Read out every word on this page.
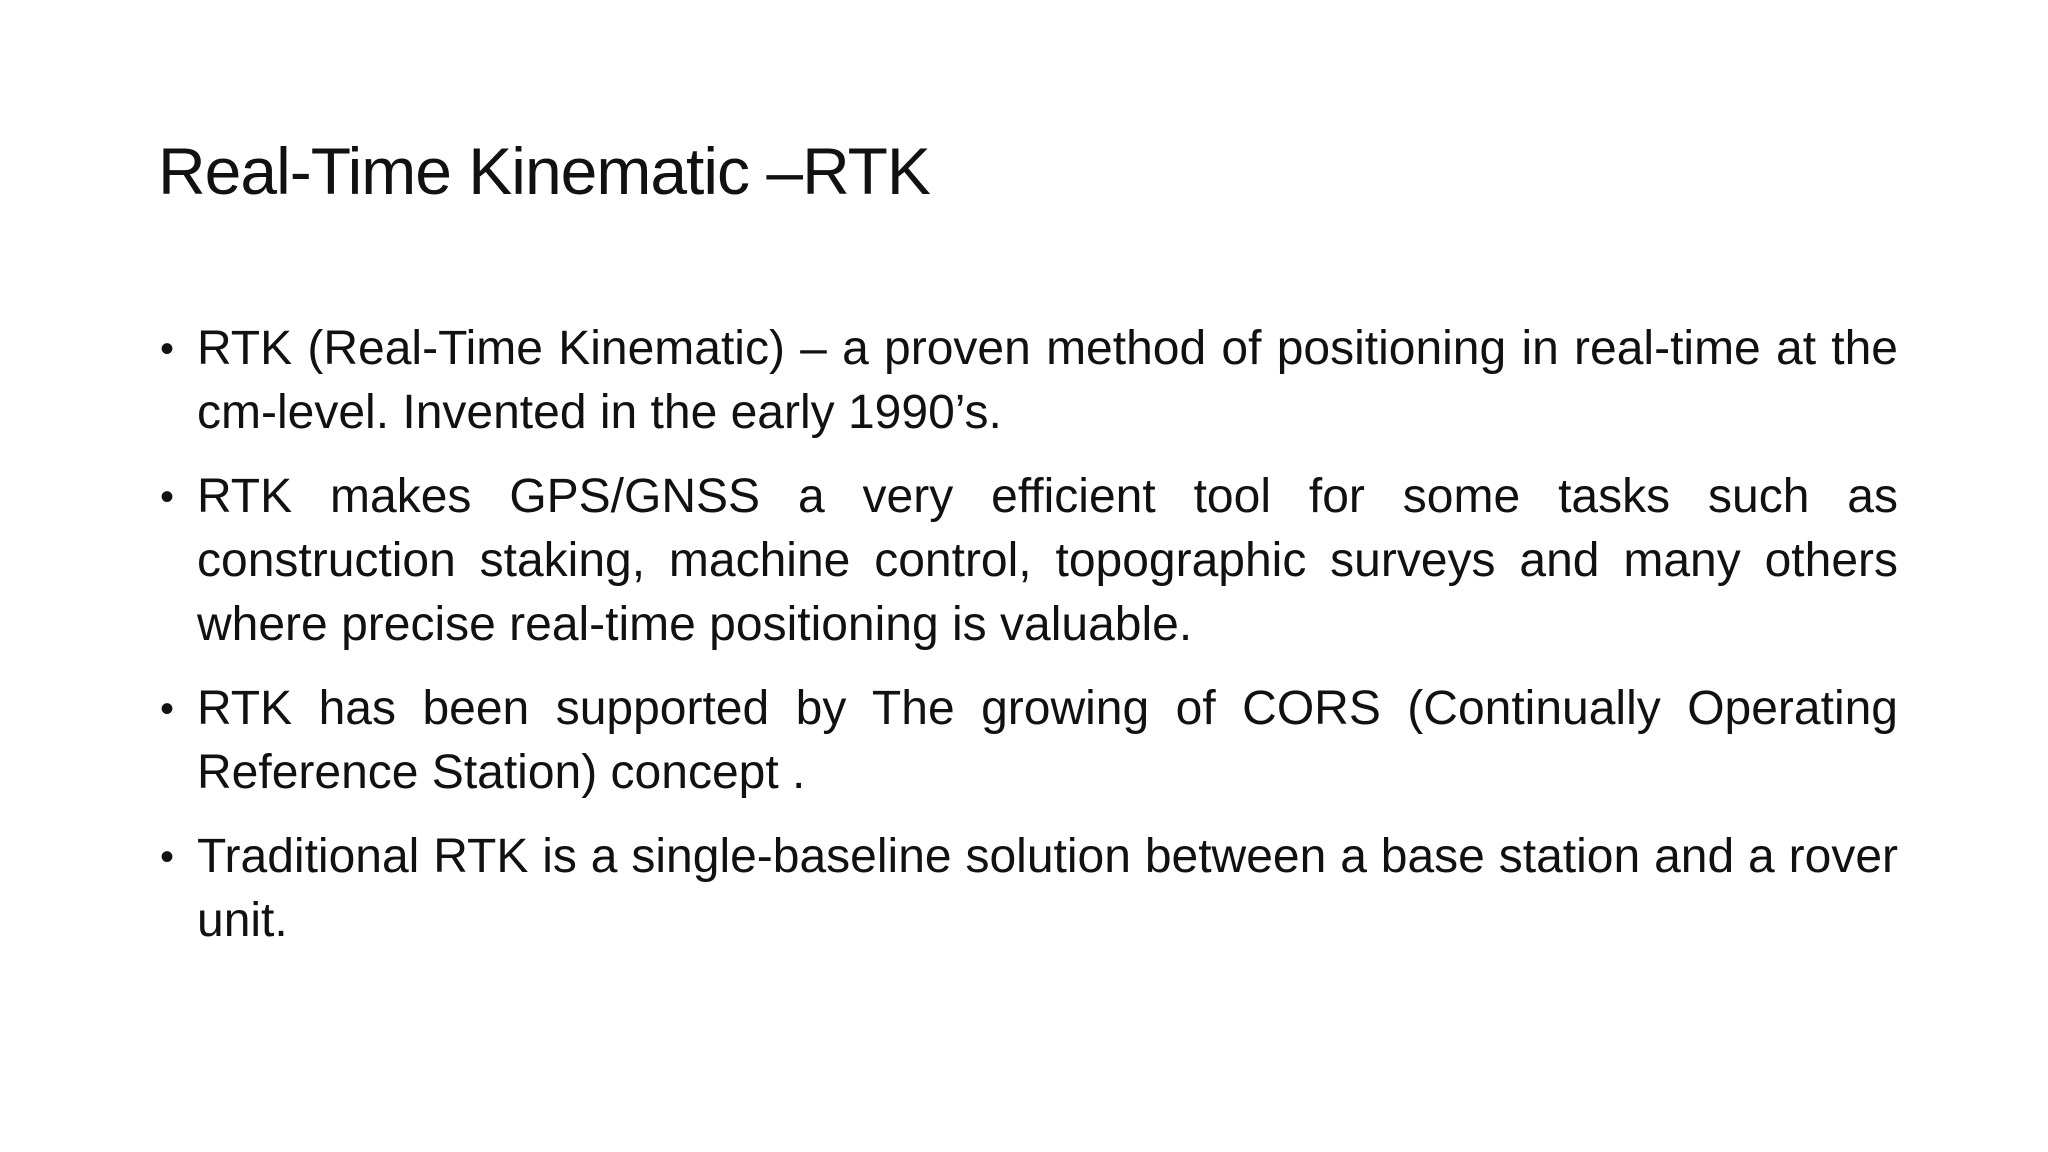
Real-Time Kinematic –RTK
• RTK (Real-Time Kinematic) – a proven method of positioning in real-time at the cm-level. Invented in the early 1990’s.
• RTK makes GPS/GNSS a very efficient tool for some tasks such as construction staking, machine control, topographic surveys and many others where precise real-time positioning is valuable.
• RTK has been supported by The growing of CORS (Continually Operating Reference Station) concept .
• Traditional RTK is a single-baseline solution between a base station and a rover unit.
